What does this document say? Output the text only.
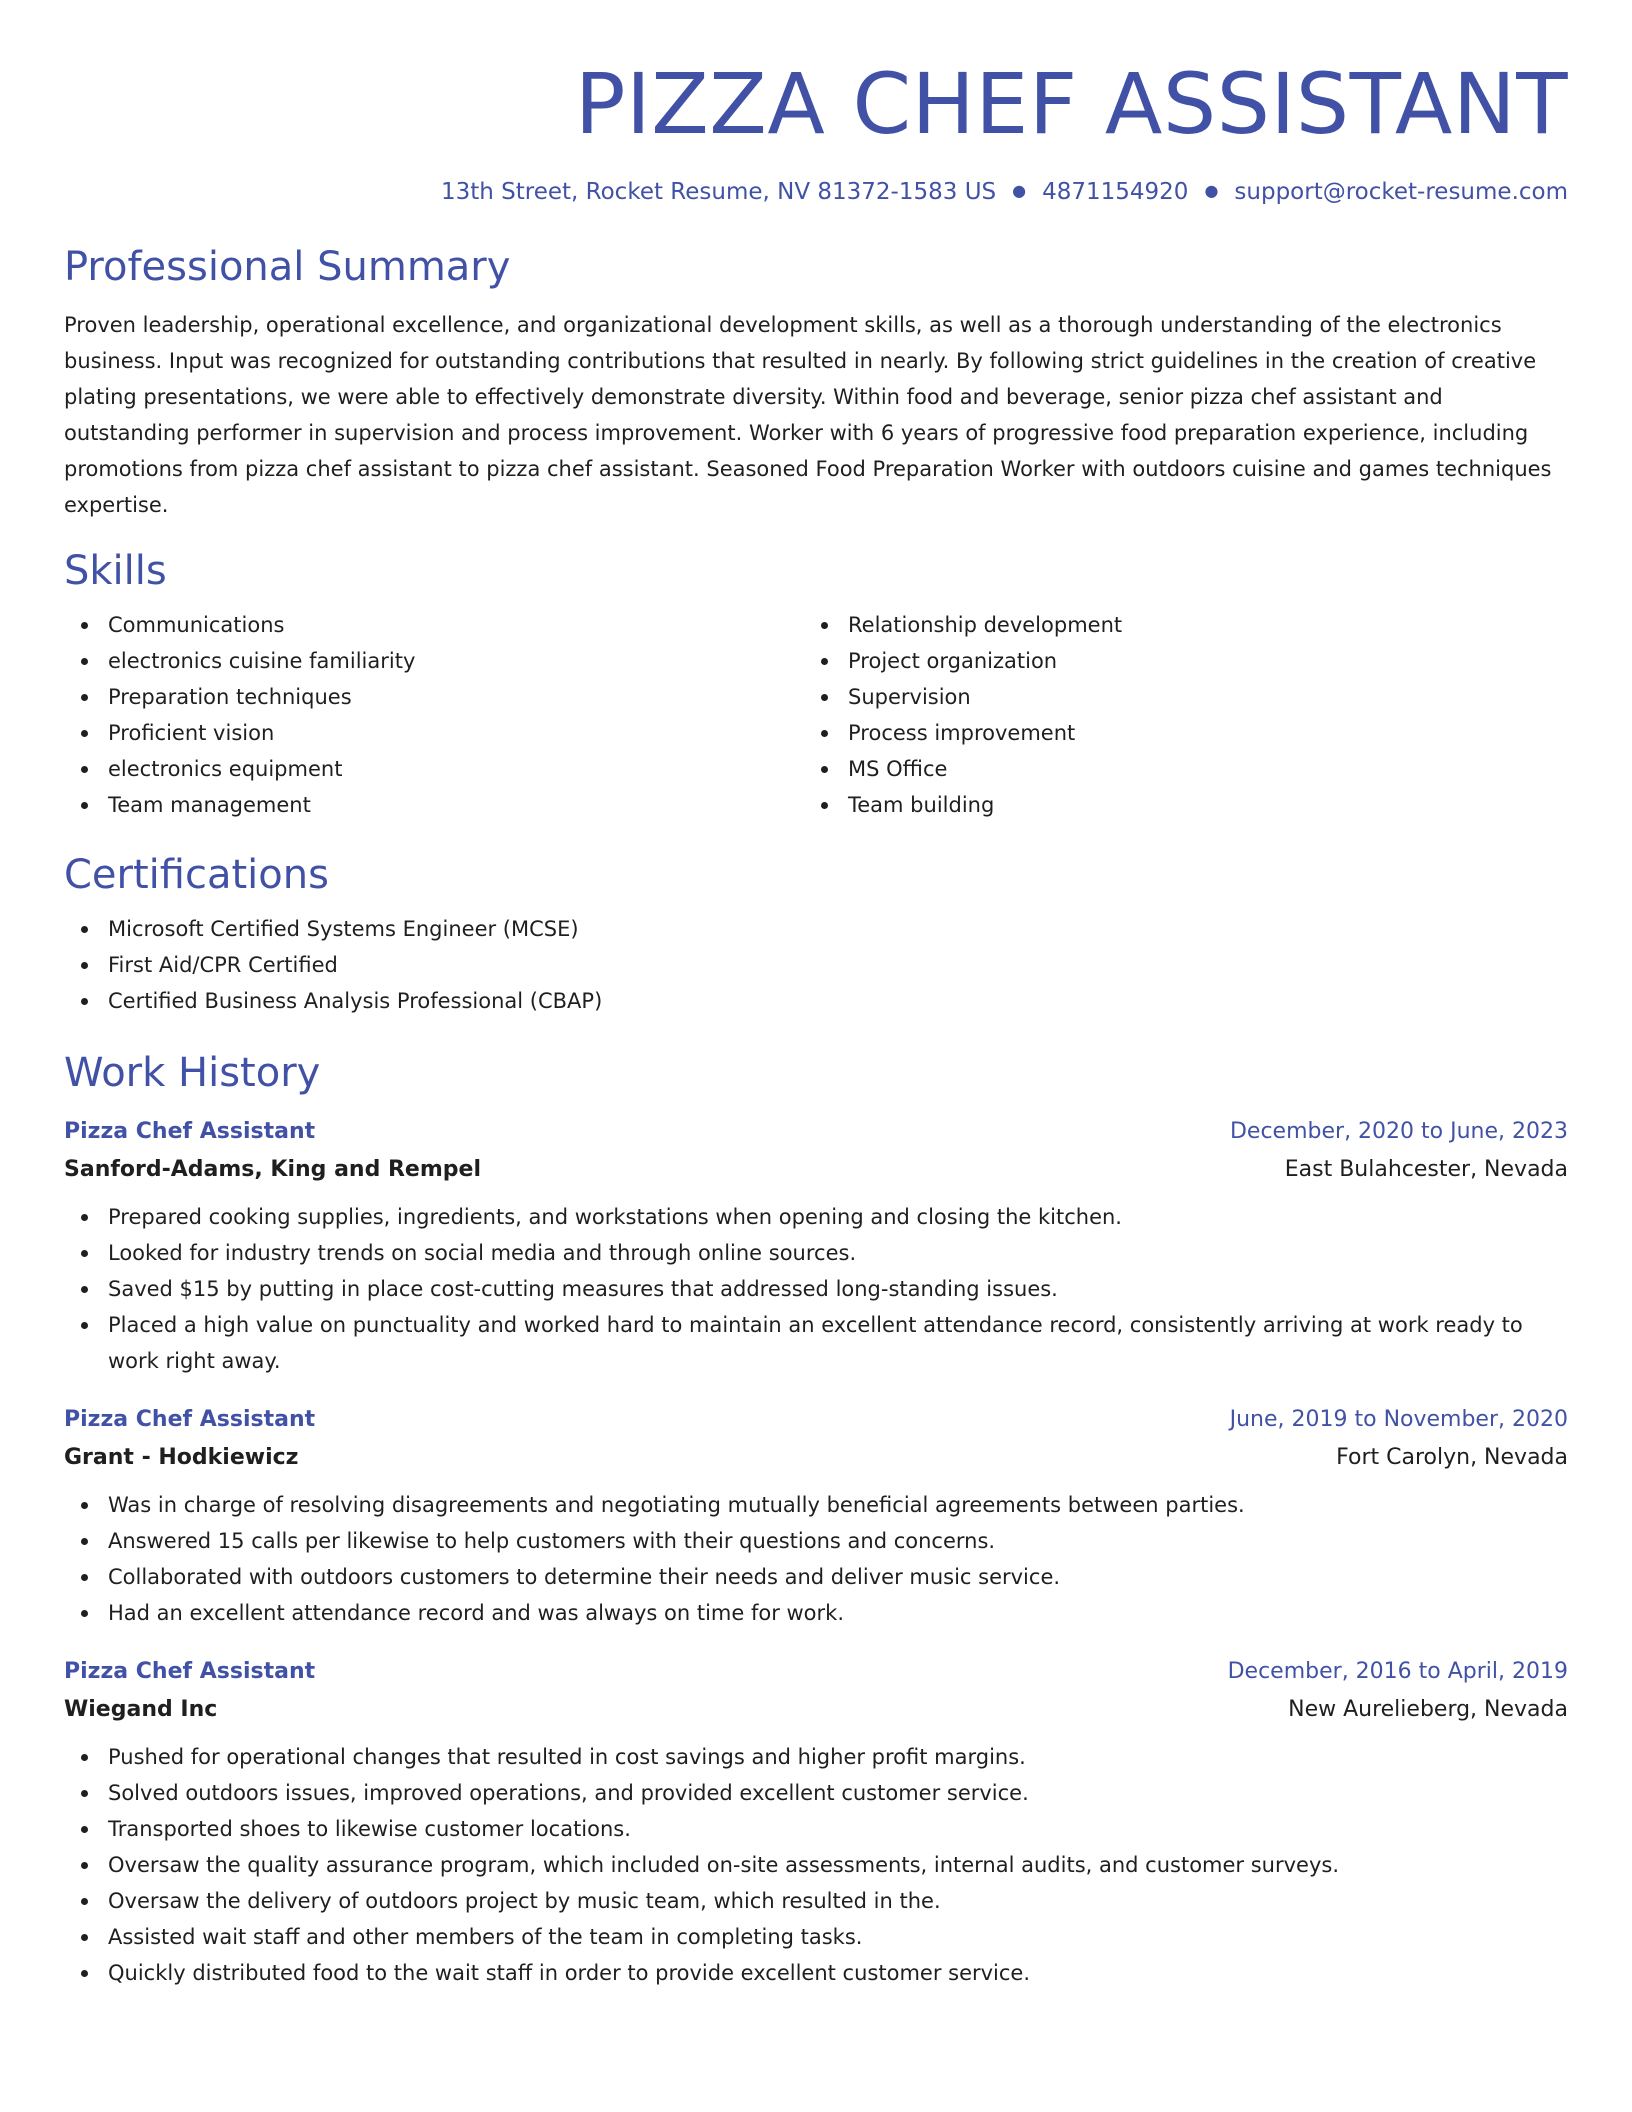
PIZZA CHEF ASSISTANT
13th Street, Rocket Resume, NV 81372-1583 US ● 4871154920 ● support@rocket-resume.com
Professional Summary

Proven leadership, operational excellence, and organizational development skills, as well as a thorough understanding of the electronics business. Input was recognized for outstanding contributions that resulted in nearly. By following strict guidelines in the creation of creative plating presentations, we were able to effectively demonstrate diversity. Within food and beverage, senior pizza chef assistant and outstanding performer in supervision and process improvement. Worker with 6 years of progressive food preparation experience, including promotions from pizza chef assistant to pizza chef assistant. Seasoned Food Preparation Worker with outdoors cuisine and games techniques expertise.

Skills
Communications
electronics cuisine familiarity
Preparation techniques
Proficient vision
electronics equipment
Team management
Relationship development
Project organization
Supervision
Process improvement
MS Office
Team building
Certifications
Microsoft Certified Systems Engineer (MCSE)
First Aid/CPR Certified
Certified Business Analysis Professional (CBAP)
Work History
Pizza Chef Assistant	December, 2020 to June, 2023
Sanford-Adams, King and Rempel	East Bulahcester, Nevada
Prepared cooking supplies, ingredients, and workstations when opening and closing the kitchen.
Looked for industry trends on social media and through online sources.
Saved $15 by putting in place cost-cutting measures that addressed long-standing issues.
Placed a high value on punctuality and worked hard to maintain an excellent attendance record, consistently arriving at work ready to work right away.
Pizza Chef Assistant	June, 2019 to November, 2020
Grant - Hodkiewicz	Fort Carolyn, Nevada
Was in charge of resolving disagreements and negotiating mutually beneficial agreements between parties.
Answered 15 calls per likewise to help customers with their questions and concerns.
Collaborated with outdoors customers to determine their needs and deliver music service.
Had an excellent attendance record and was always on time for work.
Pizza Chef Assistant	December, 2016 to April, 2019
Wiegand Inc	New Aurelieberg, Nevada
Pushed for operational changes that resulted in cost savings and higher profit margins.
Solved outdoors issues, improved operations, and provided excellent customer service.
Transported shoes to likewise customer locations.
Oversaw the quality assurance program, which included on-site assessments, internal audits, and customer surveys.
Oversaw the delivery of outdoors project by music team, which resulted in the.
Assisted wait staff and other members of the team in completing tasks.
Quickly distributed food to the wait staff in order to provide excellent customer service.
